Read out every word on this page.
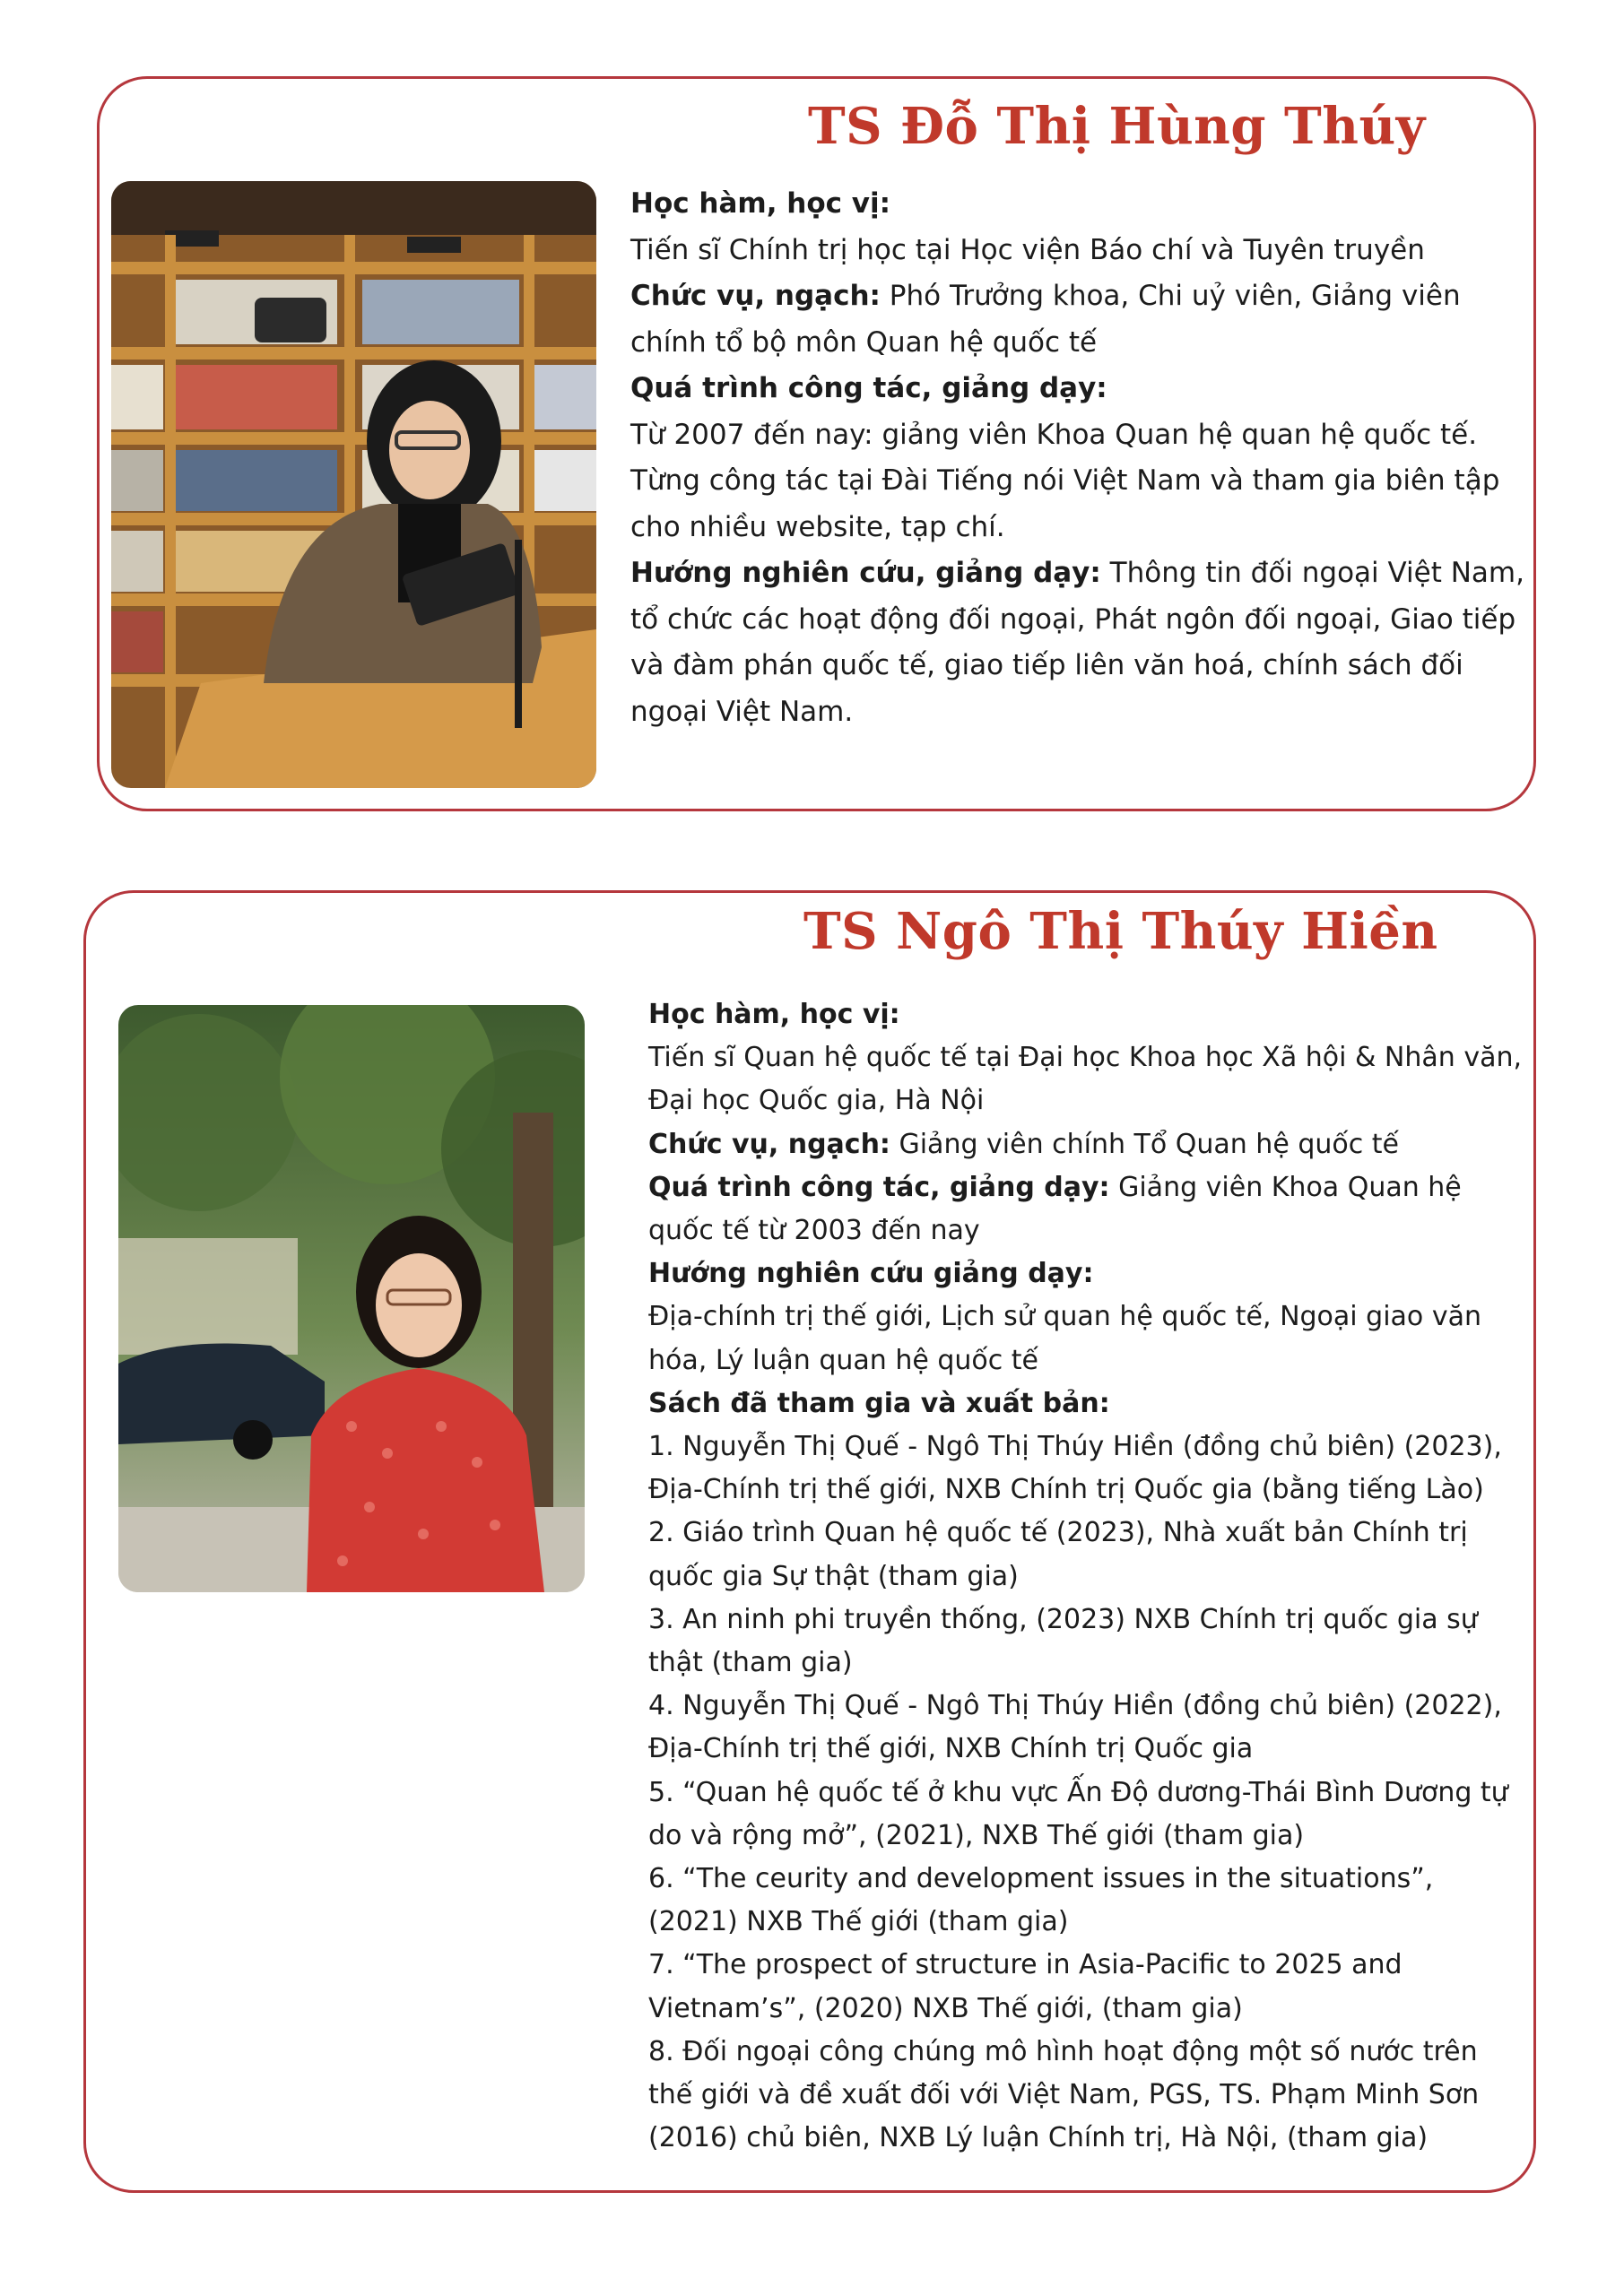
TS Đỗ Thị Hùng Thúy

Học hàm, học vị:

Tiến sĩ Chính trị học tại Học viện Báo chí và Tuyên truyền

Chức vụ, ngạch: Phó Trưởng khoa, Chi uỷ viên, Giảng viên chính tổ bộ môn Quan hệ quốc tế

Quá trình công tác, giảng dạy:

Từ 2007 đến nay: giảng viên Khoa Quan hệ quan hệ quốc tế.

Từng công tác tại Đài Tiếng nói Việt Nam và tham gia biên tập cho nhiều website, tạp chí.

Hướng nghiên cứu, giảng dạy: Thông tin đối ngoại Việt Nam, tổ chức các hoạt động đối ngoại, Phát ngôn đối ngoại, Giao tiếp và đàm phán quốc tế, giao tiếp liên văn hoá, chính sách đối ngoại Việt Nam.

TS Ngô Thị Thúy Hiền

Học hàm, học vị:

Tiến sĩ Quan hệ quốc tế tại Đại học Khoa học Xã hội & Nhân văn, Đại học Quốc gia, Hà Nội

Chức vụ, ngạch: Giảng viên chính Tổ Quan hệ quốc tế

Quá trình công tác, giảng dạy: Giảng viên Khoa Quan hệ quốc tế từ 2003 đến nay

Hướng nghiên cứu giảng dạy:

Địa-chính trị thế giới, Lịch sử quan hệ quốc tế, Ngoại giao văn hóa, Lý luận quan hệ quốc tế

Sách đã tham gia và xuất bản:

1. Nguyễn Thị Quế - Ngô Thị Thúy Hiền (đồng chủ biên) (2023), Địa-Chính trị thế giới, NXB Chính trị Quốc gia (bằng tiếng Lào)

2. Giáo trình Quan hệ quốc tế (2023), Nhà xuất bản Chính trị quốc gia Sự thật (tham gia)

3. An ninh phi truyền thống, (2023) NXB Chính trị quốc gia sự thật (tham gia)

4. Nguyễn Thị Quế - Ngô Thị Thúy Hiền (đồng chủ biên) (2022), Địa-Chính trị thế giới, NXB Chính trị Quốc gia

5. “Quan hệ quốc tế ở khu vực Ấn Độ dương-Thái Bình Dương tự do và rộng mở”, (2021), NXB Thế giới (tham gia)

6. “The ceurity and development issues in the situations”, (2021) NXB Thế giới (tham gia)

7. “The prospect of structure in Asia-Pacific to 2025 and Vietnam’s”, (2020) NXB Thế giới, (tham gia)

8. Đối ngoại công chúng mô hình hoạt động một số nước trên thế giới và đề xuất đối với Việt Nam, PGS, TS. Phạm Minh Sơn (2016) chủ biên, NXB Lý luận Chính trị, Hà Nội, (tham gia)
